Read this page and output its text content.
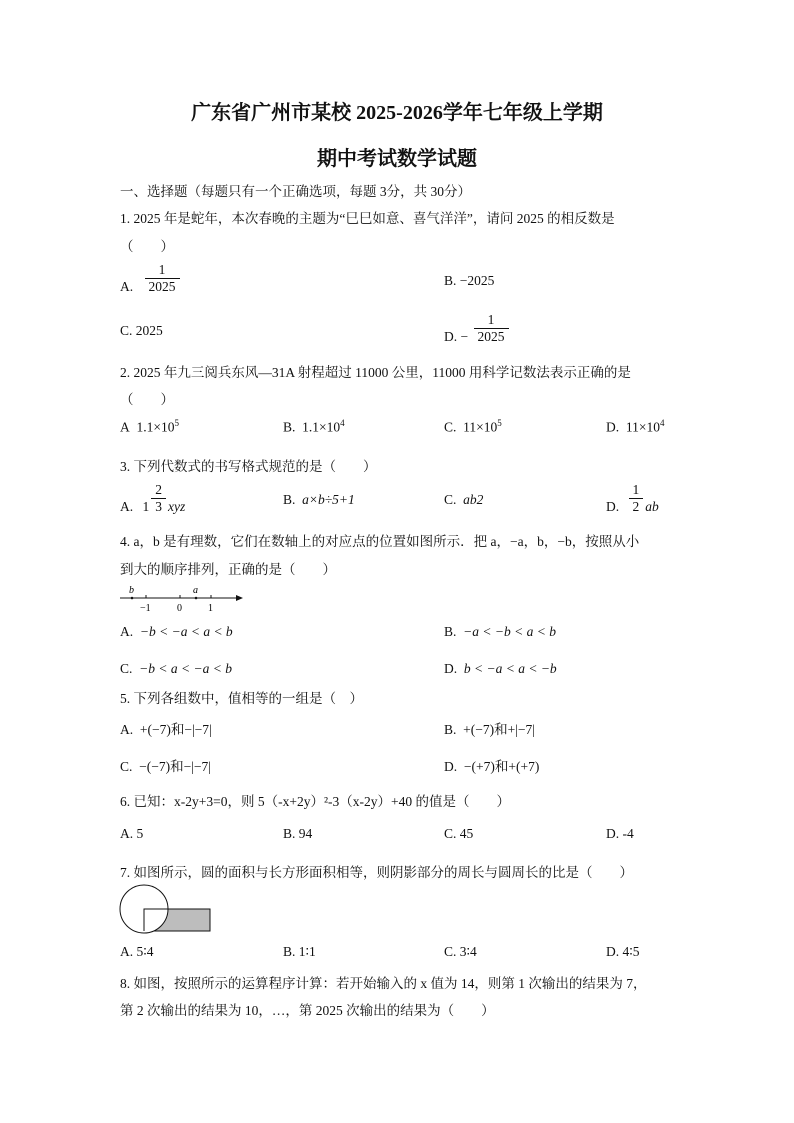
广东省广州市某校 2025-2026学年七年级上学期
期中考试数学试题
一、选择题（每题只有一个正确选项，每题 3分，共 30分）
1. 2025 年是蛇年，本次春晚的主题为“巳巳如意、喜气洋洋”，请问 2025 的相反数是
（　　）
A. $\frac{1}{2025}$	B. −2025
C. 2025	D. − $\frac{1}{2025}$
2. 2025 年九三阅兵东风—31A 射程超过 11000 公里，11000 用科学记数法表示正确的是
（　　）
A $1.1\times 10^5$	B. $1.1\times 10^4$	C. $11\times 10^5$	D. $11\times 10^4$
3. 下列代数式的书写格式规范的是（　　）
A. $1 \frac{2}{3}$ xyz	B. a×b÷5+1	C. ab2	D. $\frac{1}{2}$ ab
4. a，b 是有理数，它们在数轴上的对应点的位置如图所示．把 a，−a，b，−b，按照从小
到大的顺序排列，正确的是（　　）
b	a
−1	0	1
A. −b < −a < a < b	B. −a < −b < a < b
C. −b < a < −a < b	D. b < −a < a < −b
5. 下列各组数中，值相等的一组是（　）
A. +(−7)和−|−7|	B. +(−7)和+|−7|
C. −(−7)和−|−7|	D. −(+7)和+(+7)
6. 已知：x-2y+3=0，则 5（-x+2y）²-3（x-2y）+40 的值是（　　）
A. 5	B. 94	C. 45	D. -4
7. 如图所示，圆的面积与长方形面积相等，则阴影部分的周长与圆周长的比是（　　）
A. 5∶4	B. 1∶1	C. 3∶4	D. 4∶5
8. 如图，按照所示的运算程序计算：若开始输入的 x 值为 14，则第 1 次输出的结果为 7，
第 2 次输出的结果为 10，…，第 2025 次输出的结果为（　　）
